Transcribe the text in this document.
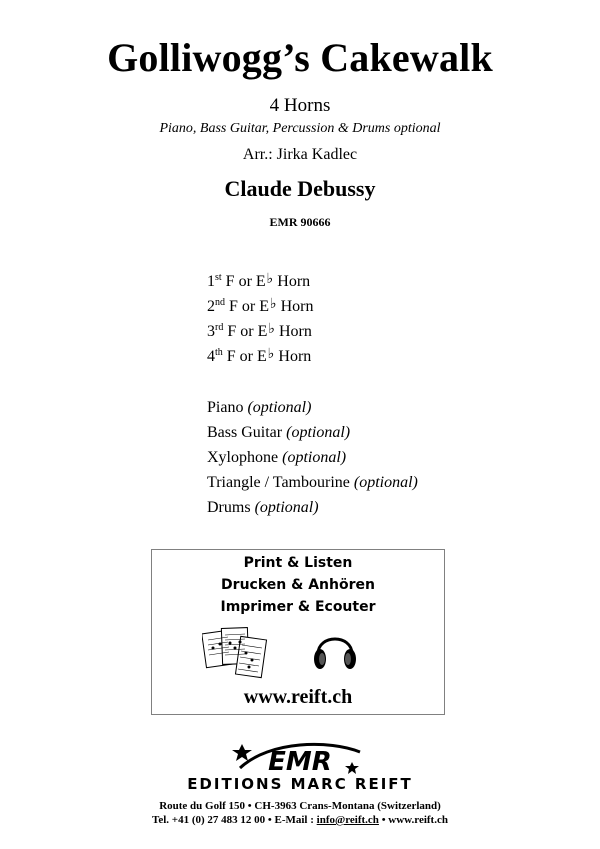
Golliwogg’s Cakewalk
4 Horns
Piano, Bass Guitar, Percussion & Drums optional
Arr.: Jirka Kadlec
Claude Debussy
EMR 90666
1st F or E♭ Horn
2nd F or E♭ Horn
3rd F or E♭ Horn
4th F or E♭ Horn
Piano (optional)
Bass Guitar (optional)
Xylophone (optional)
Triangle / Tambourine (optional)
Drums (optional)
Print & Listen
Drucken & Anhören
Imprimer & Ecouter
www.reift.ch
EMR
EDITIONS MARC REIFT
Route du Golf 150 • CH-3963 Crans-Montana (Switzerland)
Tel. +41 (0) 27 483 12 00 • E-Mail : info@reift.ch • www.reift.ch
